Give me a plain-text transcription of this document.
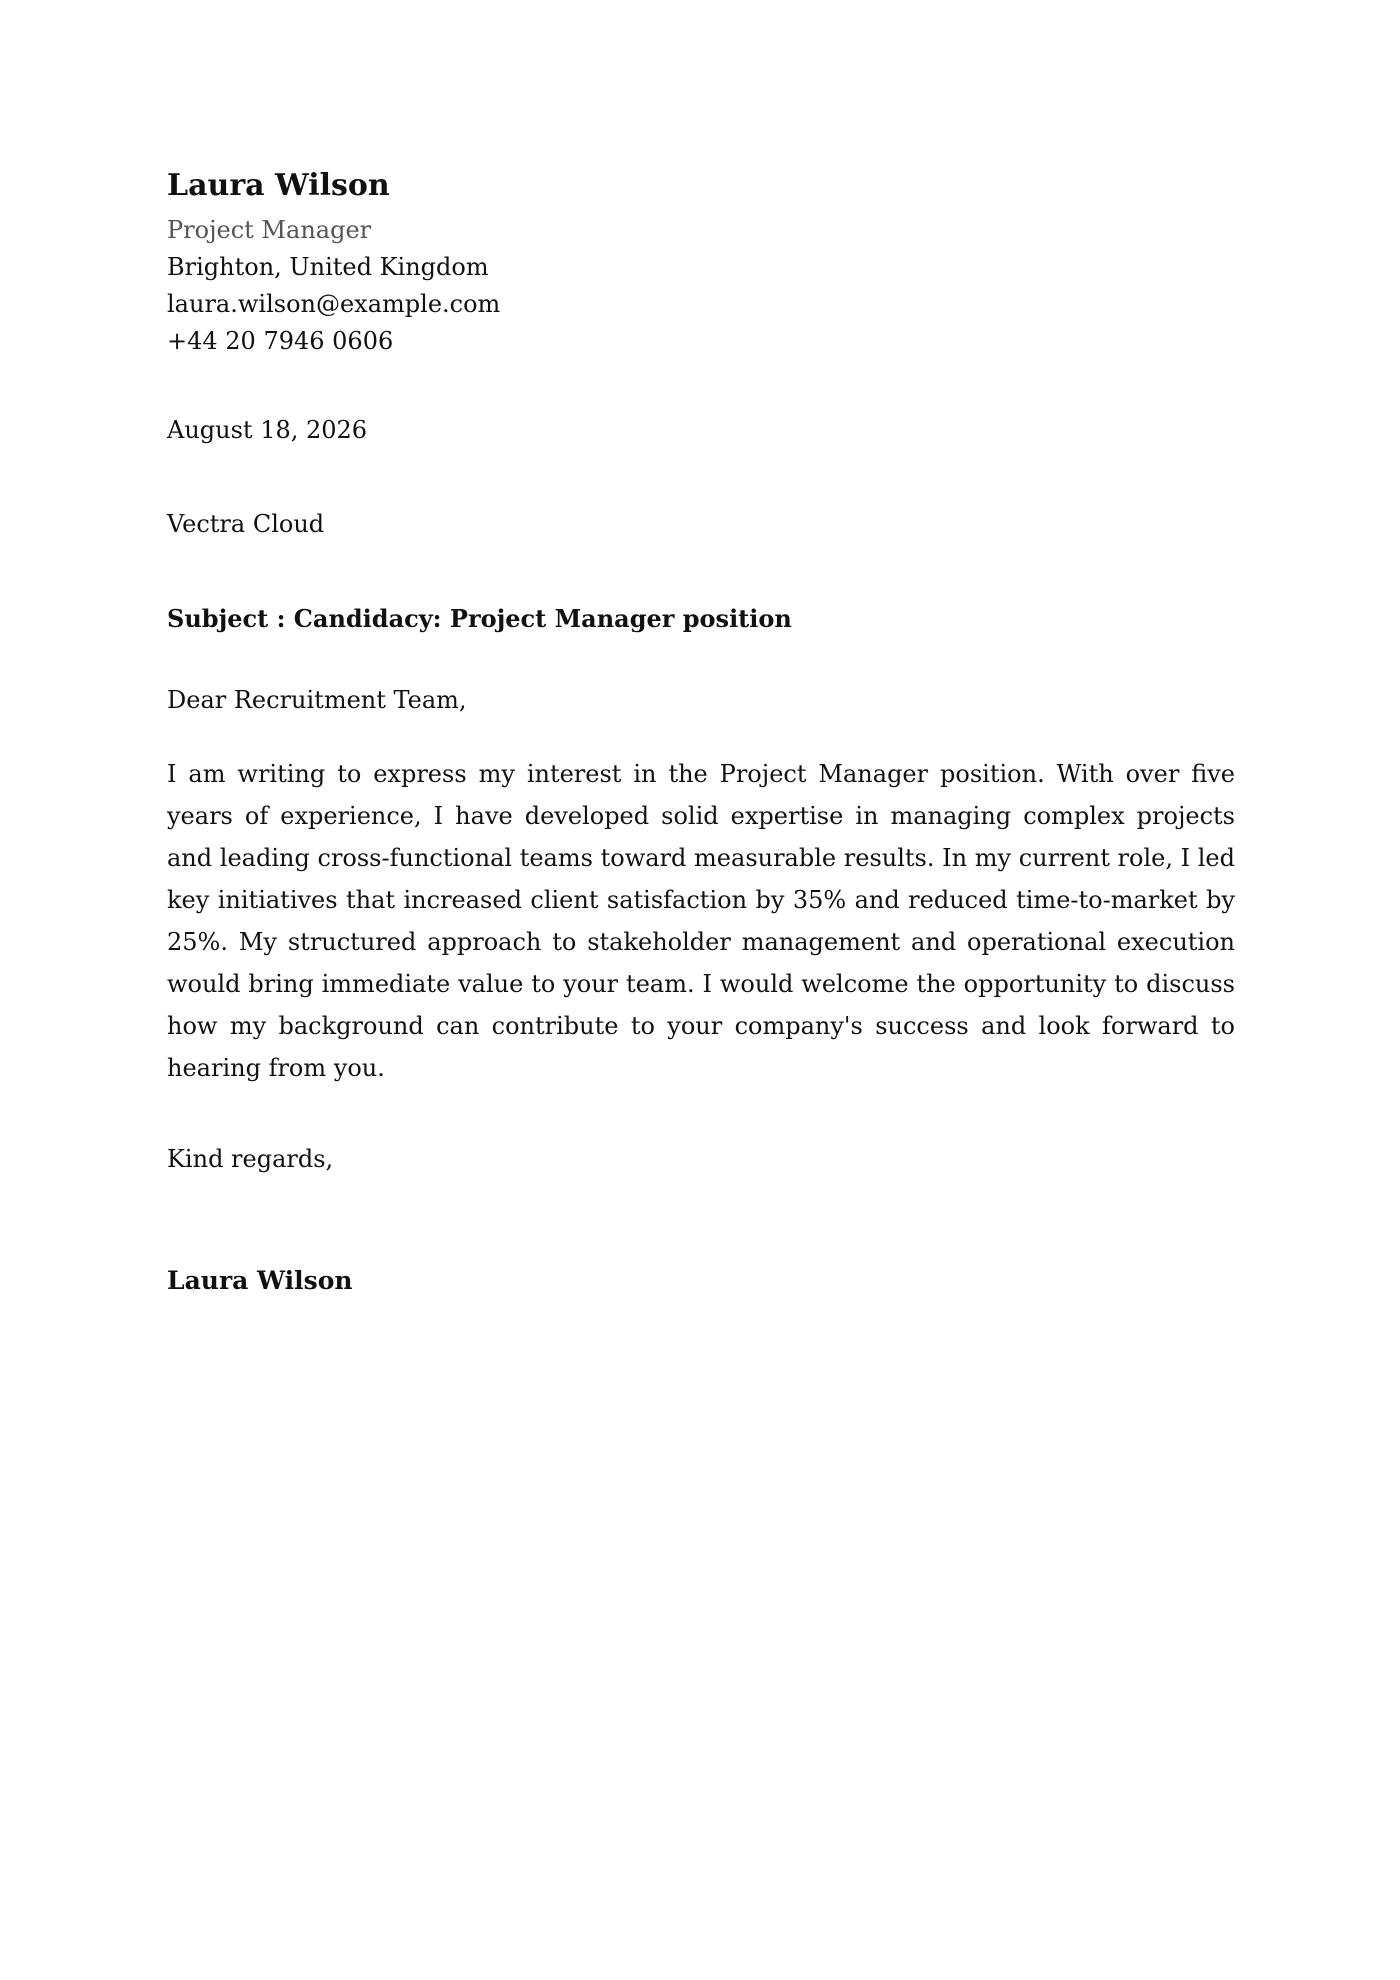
Laura Wilson
Project Manager
Brighton, United Kingdom
laura.wilson@example.com
+44 20 7946 0606
August 18, 2026
Vectra Cloud
Subject : Candidacy: Project Manager position
Dear Recruitment Team,

I am writing to express my interest in the Project Manager position. With over five years of experience, I have developed solid expertise in managing complex projects and leading cross-functional teams toward measurable results. In my current role, I led key initiatives that increased client satisfaction by 35% and reduced time-to-market by 25%. My structured approach to stakeholder management and operational execution would bring immediate value to your team. I would welcome the opportunity to discuss how my background can contribute to your company's success and look forward to hearing from you.

Kind regards,
Laura Wilson
